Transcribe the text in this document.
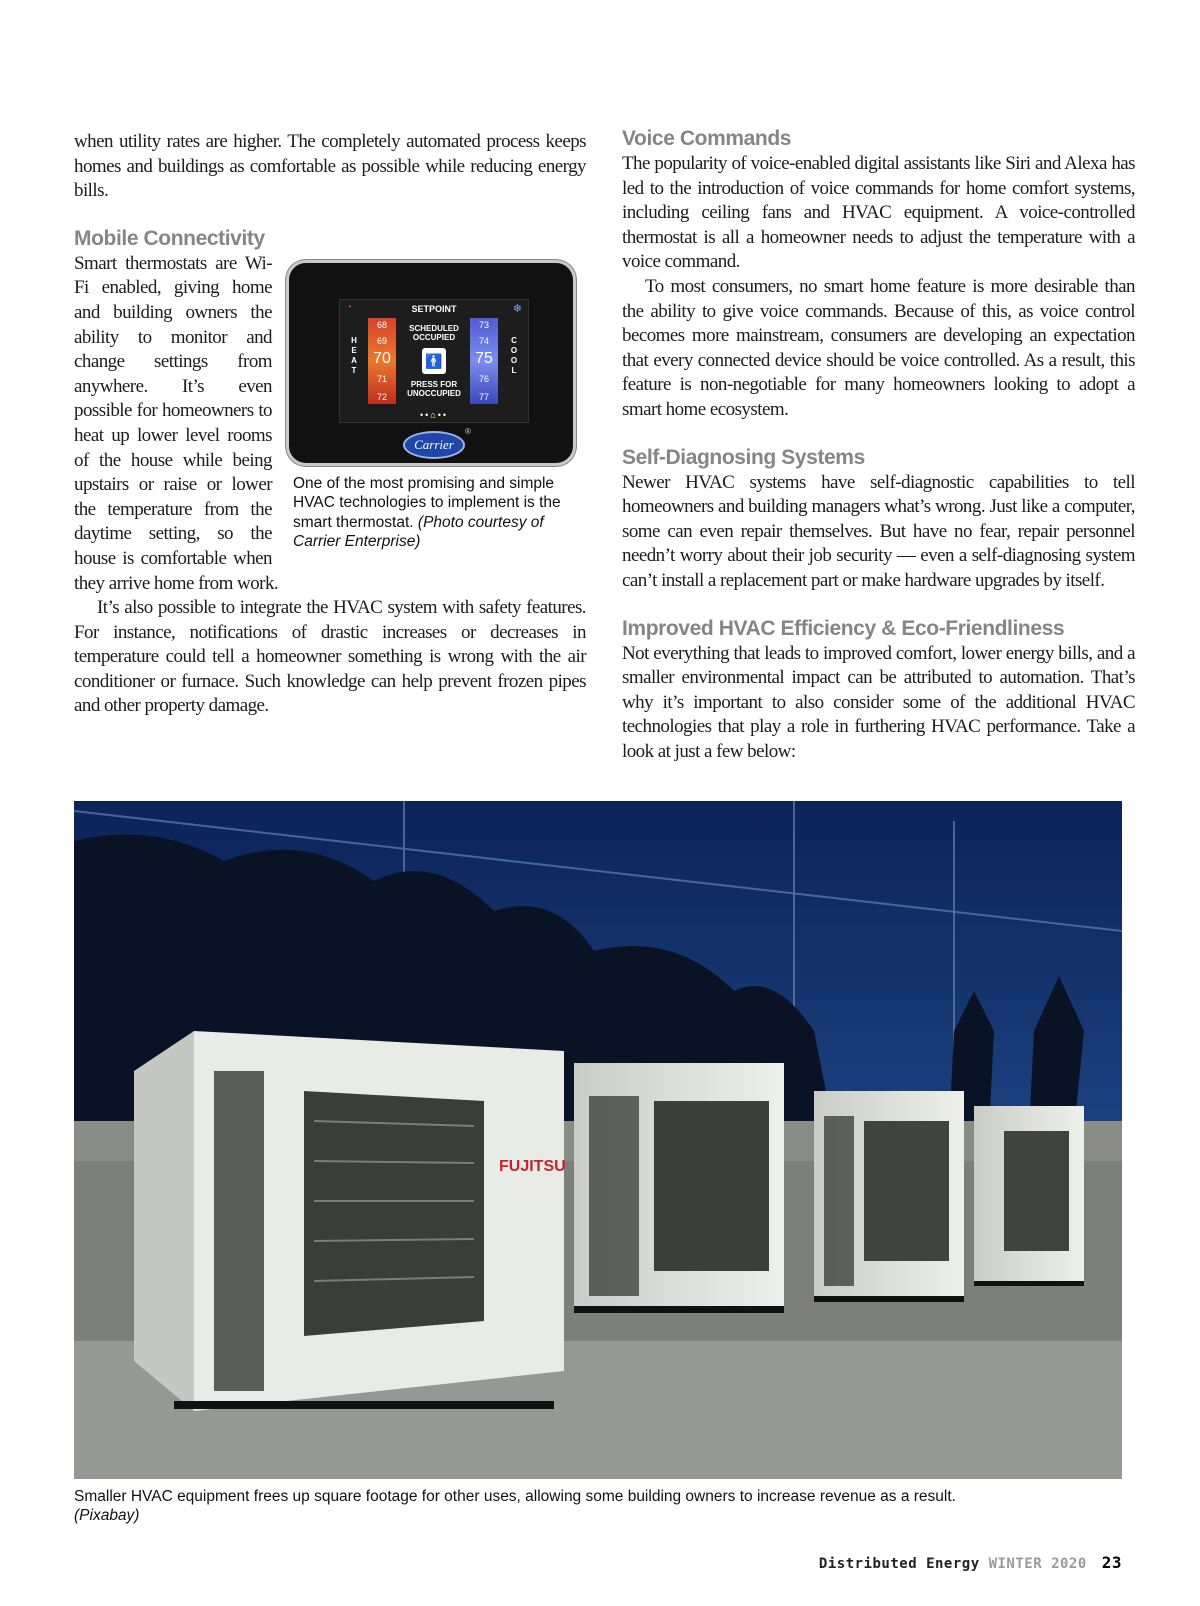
when utility rates are higher. The completely automated process keeps homes and buildings as comfortable as possible while reducing energy bills.

Mobile Connectivity
◔	SETPOINT	❄
H
E
A
T
68
69
70
71
72
SCHEDULED OCCUPIED
🚹
PRESS FOR UNOCCUPIED
73
74
75
76
77
C
O
O
L
••⌂••
Carrier
®
One of the most promising and simple HVAC technologies to implement is the smart thermostat. (Photo courtesy of Carrier Enterprise)

Smart thermostats are Wi-Fi enabled, giving home and building owners the ability to monitor and change settings from anywhere. It’s even possible for homeowners to heat up lower level rooms of the house while being upstairs or raise or lower the temperature from the daytime setting, so the house is comfortable when they arrive home from work.

It’s also possible to integrate the HVAC system with safety features. For instance, notifications of drastic increases or decreases in temperature could tell a homeowner something is wrong with the air conditioner or furnace. Such knowledge can help prevent frozen pipes and other property damage.

Voice Commands

The popularity of voice-enabled digital assistants like Siri and Alexa has led to the introduction of voice commands for home comfort systems, including ceiling fans and HVAC equipment. A voice-controlled thermostat is all a homeowner needs to adjust the temperature with a voice command.

To most consumers, no smart home feature is more desirable than the ability to give voice commands. Because of this, as voice control becomes more mainstream, consumers are developing an expectation that every connected device should be voice controlled. As a result, this feature is non-negotiable for many homeowners looking to adopt a smart home ecosystem.

Self-Diagnosing Systems

Newer HVAC systems have self-diagnostic capabilities to tell homeowners and building managers what’s wrong. Just like a computer, some can even repair themselves. But have no fear, repair personnel needn’t worry about their job security — even a self-diagnosing system can’t install a replacement part or make hardware upgrades by itself.

Improved HVAC Efficiency & Eco-Friendliness

Not everything that leads to improved comfort, lower energy bills, and a smaller environmental impact can be attributed to automation. That’s why it’s important to also consider some of the additional HVAC technologies that play a role in furthering HVAC performance. Take a look at just a few below:

FUJITSU
Smaller HVAC equipment frees up square footage for other uses, allowing some building owners to increase revenue as a result.
(Pixabay)
Distributed Energy WINTER 2020 23
